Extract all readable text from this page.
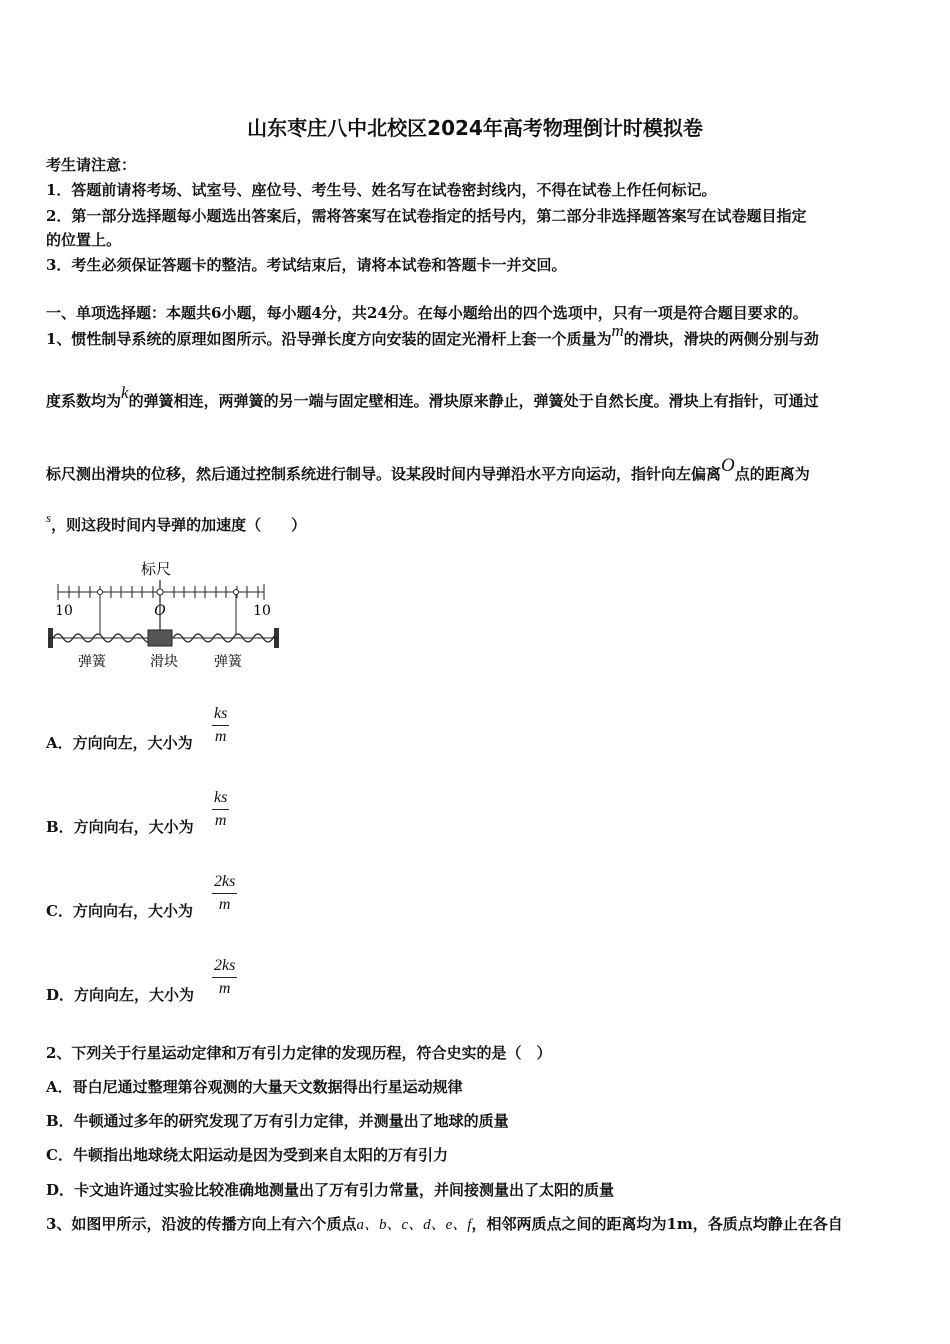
山东枣庄八中北校区2024年高考物理倒计时模拟卷
考生请注意：
1．答题前请将考场、试室号、座位号、考生号、姓名写在试卷密封线内，不得在试卷上作任何标记。
2．第一部分选择题每小题选出答案后，需将答案写在试卷指定的括号内，第二部分非选择题答案写在试卷题目指定
的位置上。
3．考生必须保证答题卡的整洁。考试结束后，请将本试卷和答题卡一并交回。
一、单项选择题：本题共6小题，每小题4分，共24分。在每小题给出的四个选项中，只有一项是符合题目要求的。
1、惯性制导系统的原理如图所示。沿导弹长度方向安装的固定光滑杆上套一个质量为m的滑块，滑块的两侧分别与劲
度系数均为k的弹簧相连，两弹簧的另一端与固定壁相连。滑块原来静止，弹簧处于自然长度。滑块上有指针，可通过
标尺测出滑块的位移，然后通过控制系统进行制导。设某段时间内导弹沿水平方向运动，指针向左偏离O点的距离为
s，则这段时间内导弹的加速度（　　）
标尺
10	O	10
弹簧	滑块	弹簧
A．方向向左，大小为 $\frac{ks}{m}$
B．方向向右，大小为 $\frac{ks}{m}$
C．方向向右，大小为 $\frac{2ks}{m}$
D．方向向左，大小为 $\frac{2ks}{m}$
2、下列关于行星运动定律和万有引力定律的发现历程，符合史实的是（　）
A．哥白尼通过整理第谷观测的大量天文数据得出行星运动规律
B．牛顿通过多年的研究发现了万有引力定律，并测量出了地球的质量
C．牛顿指出地球绕太阳运动是因为受到来自太阳的万有引力
D．卡文迪许通过实验比较准确地测量出了万有引力常量，并间接测量出了太阳的质量
3、如图甲所示，沿波的传播方向上有六个质点a、b、c、d、e、f，相邻两质点之间的距离均为1m，各质点均静止在各自
